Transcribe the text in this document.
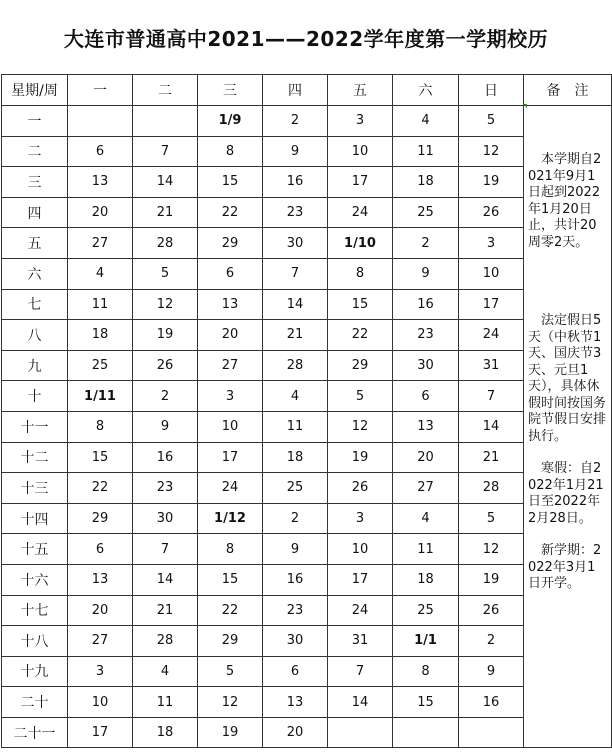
大连市普通高中2021——2022学年度第一学期校历
星期/周	一	二	三	四	五	六	日	备　注
一			1/9	2	3	4	5	　本学期自2021年9月1日起到2022年1月20日止，共计20周零2天。
　法定假日5天（中秋节1天、国庆节3天、元旦1天），具体休假时间按国务院节假日安排执行。
　寒假：自2022年1月21日至2022年2月28日。
　新学期：2022年3月1日开学。

二	6	7	8	9	10	11	12	
三	13	14	15	16	17	18	19	
四	20	21	22	23	24	25	26	
五	27	28	29	30	1/10	2	3	
六	4	5	6	7	8	9	10	
七	11	12	13	14	15	16	17	
八	18	19	20	21	22	23	24	
九	25	26	27	28	29	30	31	
十	1/11	2	3	4	5	6	7	
十一	8	9	10	11	12	13	14	
十二	15	16	17	18	19	20	21	
十三	22	23	24	25	26	27	28	
十四	29	30	1/12	2	3	4	5	
十五	6	7	8	9	10	11	12	
十六	13	14	15	16	17	18	19	
十七	20	21	22	23	24	25	26	
十八	27	28	29	30	31	1/1	2	
十九	3	4	5	6	7	8	9	
二十	10	11	12	13	14	15	16	
二十一	17	18	19	20				
